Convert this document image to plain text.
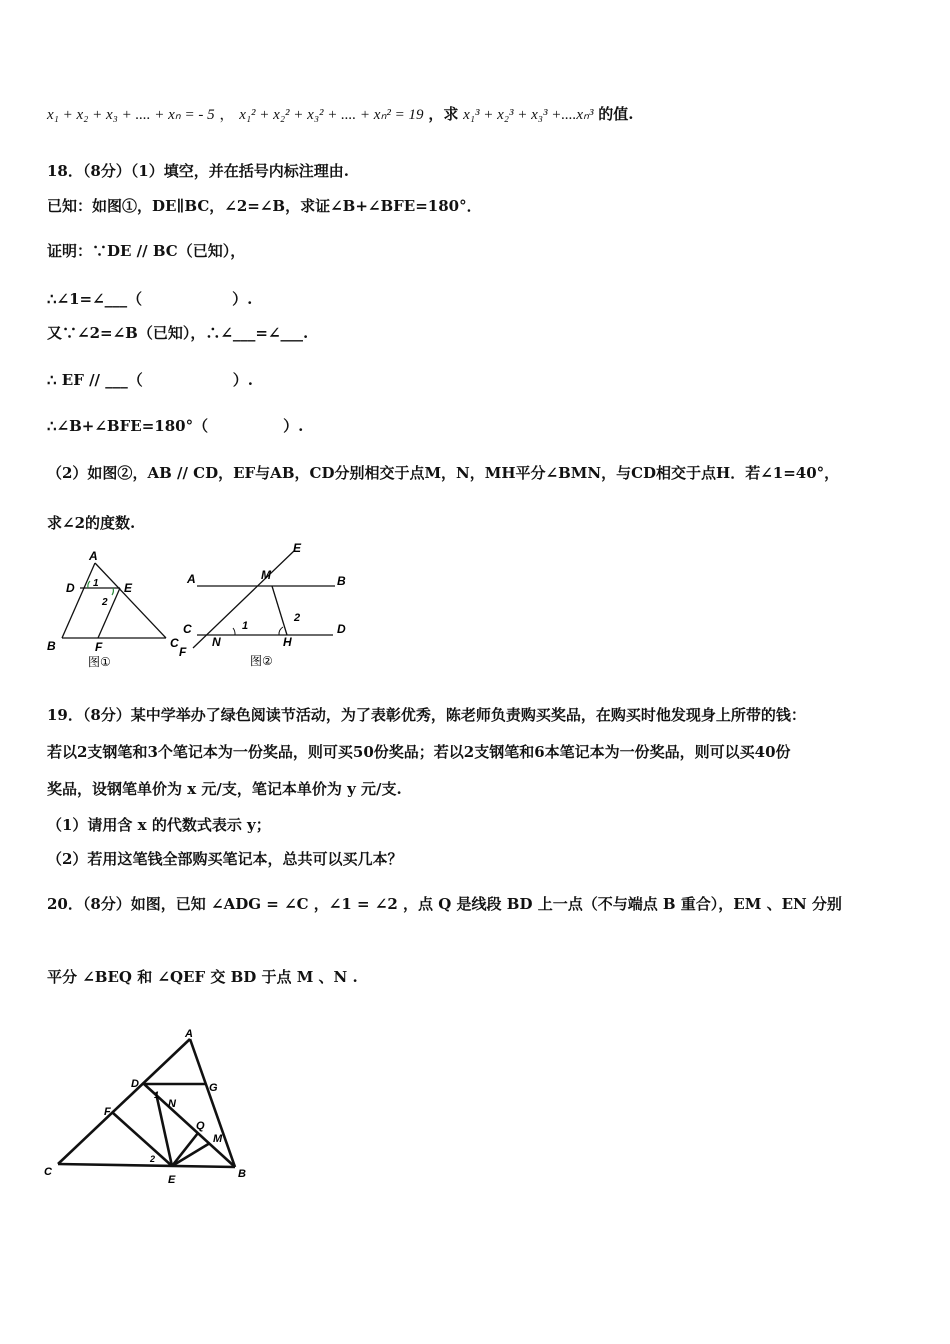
x₁ + x₂ + x₃ + .... + xₙ = - 5 ， x₁² + x₂² + x₃² + .... + xₙ² = 19 ，求 x₁³ + x₂³ + x₃³ +....xₙ³ 的值.
18．（8分）（1）填空，并在括号内标注理由.
已知：如图①，DE∥BC，∠2=∠B，求证∠B+∠BFE=180°．
证明：∵DE // BC（已知），
∴∠1=∠___（　　　　　　）.
又∵∠2=∠B（已知），∴∠___=∠___.
∴ EF // ___（　　　　　　）.
∴∠B+∠BFE=180°（　　　　　）.
（2）如图②，AB // CD，EF与AB，CD分别相交于点M，N，MH平分∠BMN，与CD相交于点H．若∠1=40°，
求∠2的度数.
A
D	E
1
2
B	F	C
图①
E
A	M	B
C	1
2
D
N	H
F
图②
19．（8分）某中学举办了绿色阅读节活动，为了表彰优秀，陈老师负责购买奖品，在购买时他发现身上所带的钱：
若以2支钢笔和3个笔记本为一份奖品，则可买50份奖品；若以2支钢笔和6本笔记本为一份奖品，则可以买40份
奖品，设钢笔单价为 x 元/支，笔记本单价为 y 元/支.
（1）请用含 x 的代数式表示 y；
（2）若用这笔钱全部购买笔记本，总共可以买几本？
20．（8分）如图，已知 ∠ADG = ∠C ，∠1 = ∠2 ，点 Q 是线段 BD 上一点（不与端点 B 重合），EM 、EN 分别
平分 ∠BEQ 和 ∠QEF 交 BD 于点 M 、N .
A
D	G
1
N
F
Q
M
2
C
E	B
